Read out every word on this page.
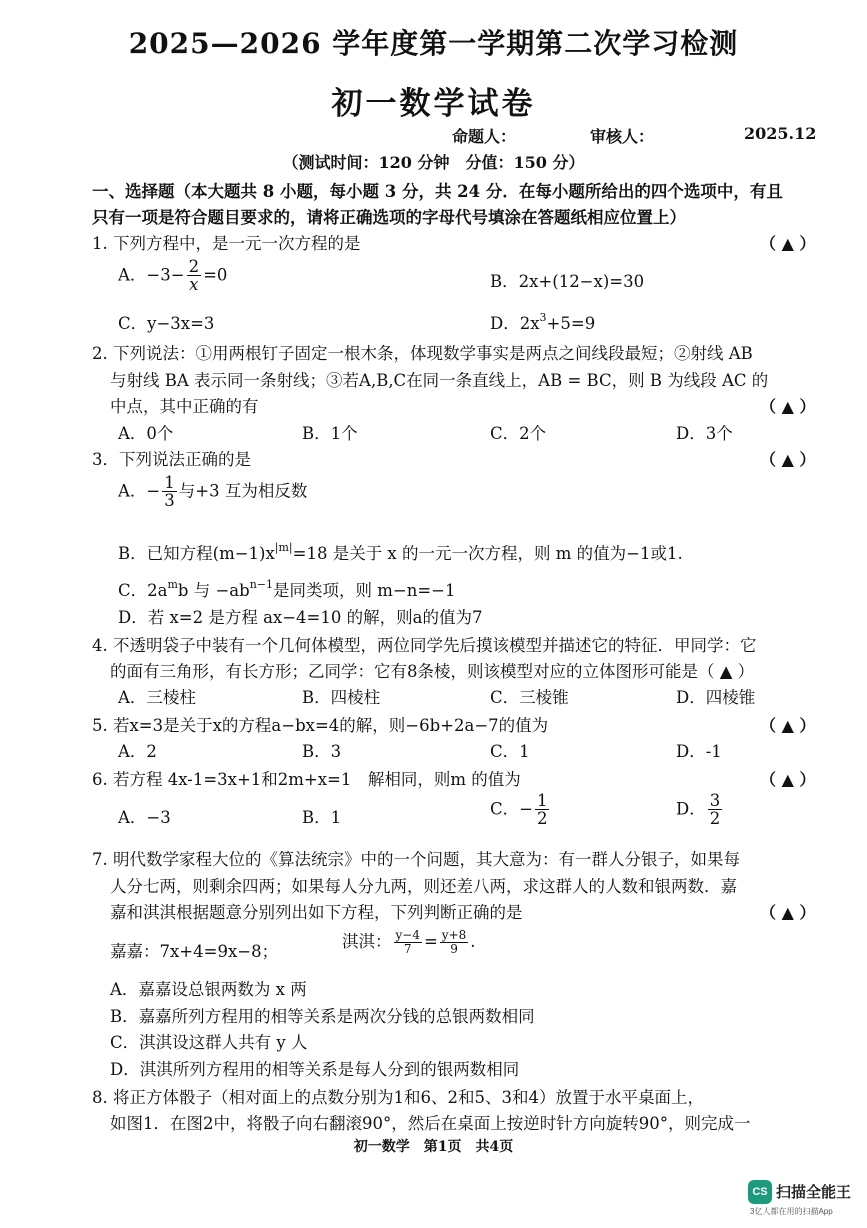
2025—2026 学年度第一学期第二次学习检测
初一数学试卷
命题人：	审核人：	2025.12
（测试时间：120 分钟　分值：150 分）
一、选择题（本大题共 8 小题，每小题 3 分，共 24 分．在每小题所给出的四个选项中，有且
只有一项是符合题目要求的，请将正确选项的字母代号填涂在答题纸相应位置上）
1. 下列方程中，是一元一次方程的是	（ ▲ ）
A．$-3- \frac{2}{x} =0$	B．2x+(12−x)=30
C．y−3x=3	D．$2x^3+5=9$
2. 下列说法：①用两根钉子固定一根木条，体现数学事实是两点之间线段最短；②射线 AB
与射线 BA 表示同一条射线；③若A,B,C在同一条直线上，AB = BC，则 B 为线段 AC 的
中点，其中正确的有	（ ▲ ）
A．0个	B．1个	C．2个	D．3个
3．下列说法正确的是	（ ▲ ）
A．− $\frac{1}{3}$ 与+3 互为相反数
B．已知方程$(m-1)x^{|m|}=18$ 是关于 x 的一元一次方程，则 m 的值为−1或1.
C．$2a^mb$ 与 $-ab^{n-1}$是同类项，则 m−n=−1
D．若 x=2 是方程 ax−4=10 的解，则a的值为7
4. 不透明袋子中装有一个几何体模型，两位同学先后摸该模型并描述它的特征．甲同学：它
的面有三角形，有长方形；乙同学：它有8条棱，则该模型对应的立体图形可能是（ ▲ ）
A．三棱柱	B．四棱柱	C．三棱锥	D．四棱锥
5. 若x=3是关于x的方程a−bx=4的解，则−6b+2a−7的值为	（ ▲ ）
A．2	B．3	C．1	D．-1
6. 若方程 4x-1=3x+1和2m+x=1　解相同，则m 的值为	（ ▲ ）
A．−3	B．1	C．− $\frac{1}{2}$	D． $\frac{3}{2}$
7. 明代数学家程大位的《算法统宗》中的一个问题，其大意为：有一群人分银子，如果每
人分七两，则剩余四两；如果每人分九两，则还差八两，求这群人的人数和银两数．嘉
嘉和淇淇根据题意分别列出如下方程，下列判断正确的是	（ ▲ ）
嘉嘉：7x+4=9x−8；
淇淇： $\frac{y-4}{7} = \frac{y+8}{9}$ .
A．嘉嘉设总银两数为 x 两
B．嘉嘉所列方程用的相等关系是两次分钱的总银两数相同
C．淇淇设这群人共有 y 人
D．淇淇所列方程用的相等关系是每人分到的银两数相同
8. 将正方体骰子（相对面上的点数分别为1和6、2和5、3和4）放置于水平桌面上，
如图1．在图2中，将骰子向右翻滚90°，然后在桌面上按逆时针方向旋转90°，则完成一
初一数学　第1页　共4页
CS 扫描全能王
3亿人都在用的扫描App
